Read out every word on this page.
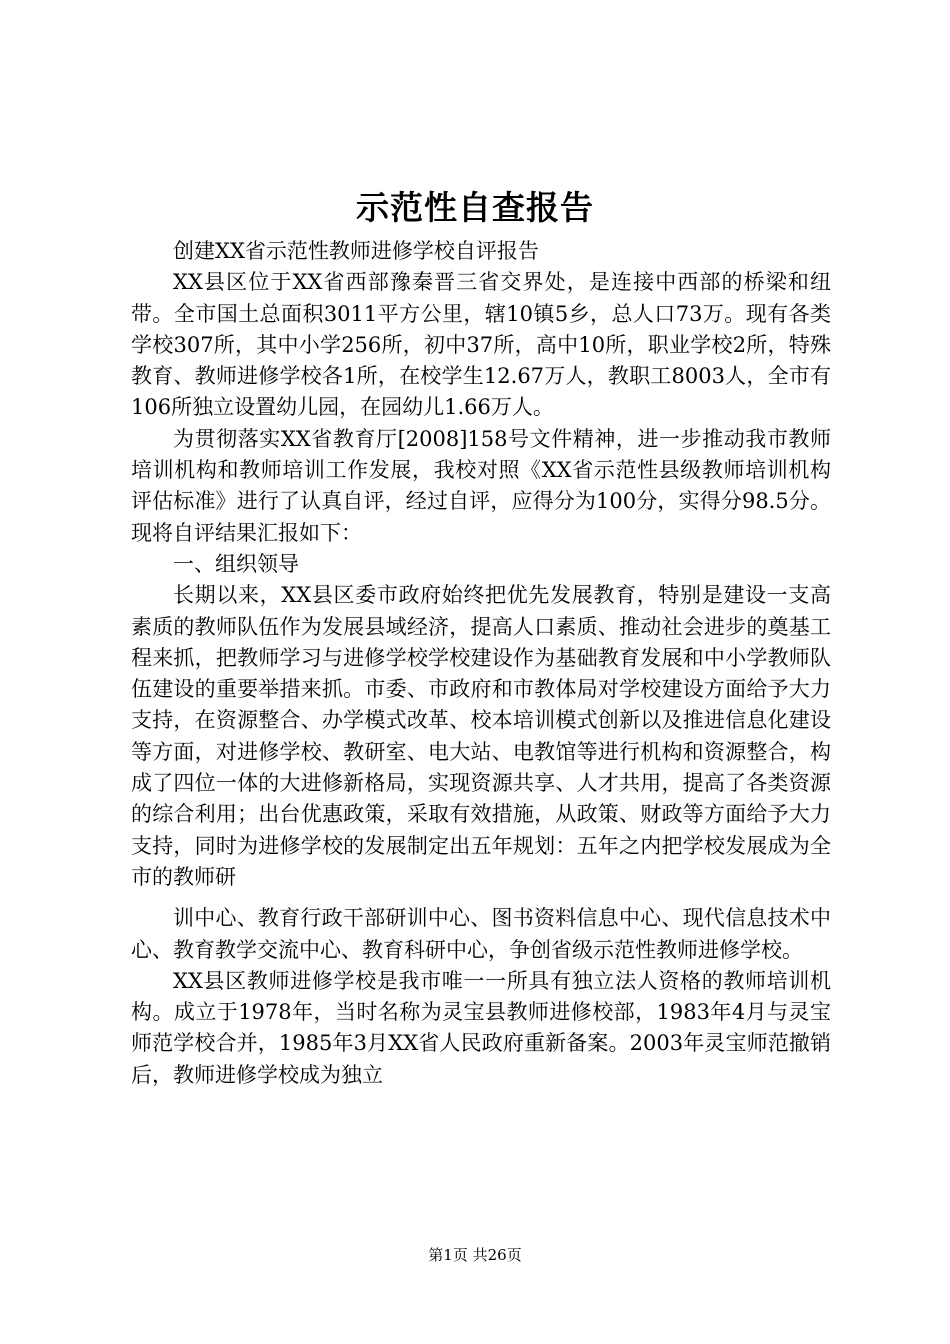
示范性自查报告

创建XX省示范性教师进修学校自评报告

XX县区位于XX省西部豫秦晋三省交界处，是连接中西部的桥梁和纽带。全市国土总面积3011平方公里，辖10镇5乡，总人口73万。现有各类学校307所，其中小学256所，初中37所，高中10所，职业学校2所，特殊教育、教师进修学校各1所，在校学生12.67万人，教职工8003人，全市有106所独立设置幼儿园，在园幼儿1.66万人。

为贯彻落实XX省教育厅[2008]158号文件精神，进一步推动我市教师培训机构和教师培训工作发展，我校对照《XX省示范性县级教师培训机构评估标准》进行了认真自评，经过自评，应得分为100分，实得分98.5分。现将自评结果汇报如下：

一、组织领导

长期以来，XX县区委市政府始终把优先发展教育，特别是建设一支高素质的教师队伍作为发展县域经济，提高人口素质、推动社会进步的奠基工程来抓，把教师学习与进修学校学校建设作为基础教育发展和中小学教师队伍建设的重要举措来抓。市委、市政府和市教体局对学校建设方面给予大力支持，在资源整合、办学模式改革、校本培训模式创新以及推进信息化建设等方面，对进修学校、教研室、电大站、电教馆等进行机构和资源整合，构成了四位一体的大进修新格局，实现资源共享、人才共用，提高了各类资源的综合利用；出台优惠政策，采取有效措施，从政策、财政等方面给予大力支持，同时为进修学校的发展制定出五年规划：五年之内把学校发展成为全市的教师研

训中心、教育行政干部研训中心、图书资料信息中心、现代信息技术中心、教育教学交流中心、教育科研中心，争创省级示范性教师进修学校。

XX县区教师进修学校是我市唯一一所具有独立法人资格的教师培训机构。成立于1978年，当时名称为灵宝县教师进修校部，1983年4月与灵宝师范学校合并，1985年3月XX省人民政府重新备案。2003年灵宝师范撤销后，教师进修学校成为独立

第1页 共26页
